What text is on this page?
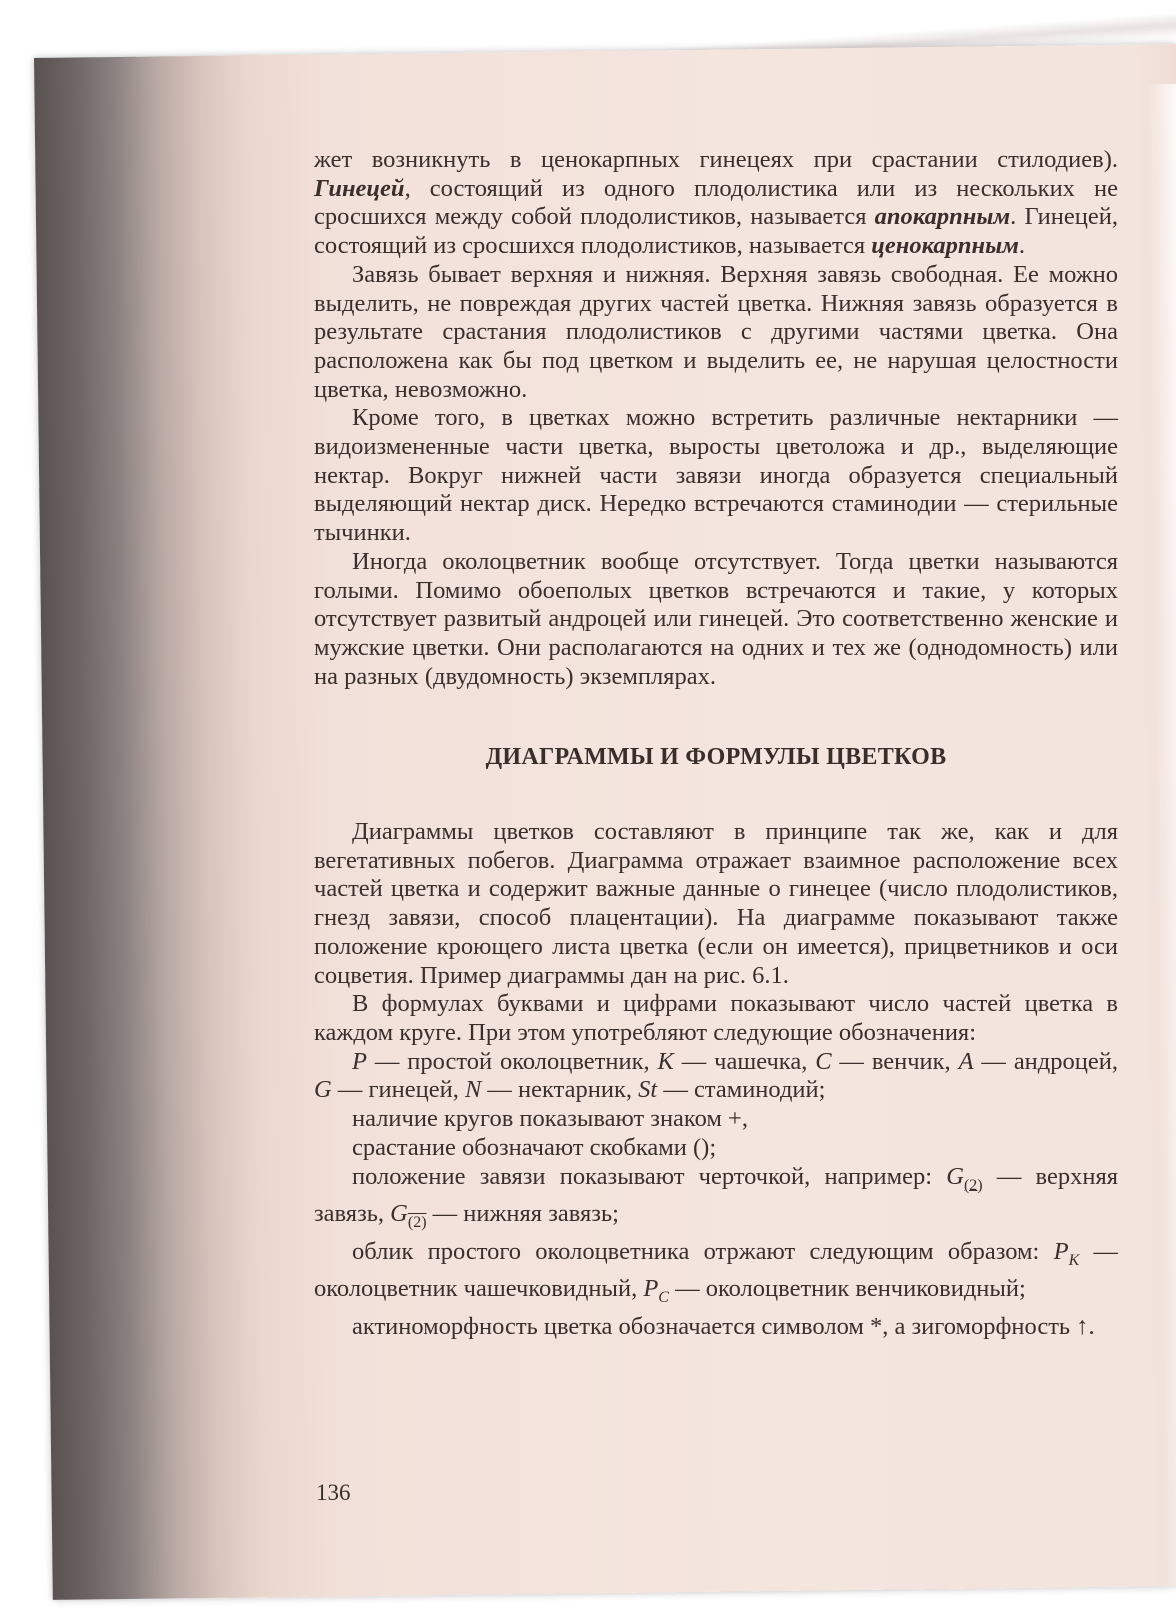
жет возникнуть в ценокарпных гинецеях при срастании стилодиев). Гинецей, состоящий из одного плодолистика или из нескольких не сросшихся между собой плодолистиков, называется апокарпным. Гинецей, состоящий из сросшихся плодолистиков, называется ценокарпным.

Завязь бывает верхняя и нижняя. Верхняя завязь свободная. Ее можно выделить, не повреждая других частей цветка. Нижняя завязь образуется в результате срастания плодолистиков с другими частями цветка. Она расположена как бы под цветком и выделить ее, не нарушая целостности цветка, невозможно.

Кроме того, в цветках можно встретить различные нектарники — видоизмененные части цветка, выросты цветоложа и др., выделяющие нектар. Вокруг нижней части завязи иногда образуется специальный выделяющий нектар диск. Нередко встречаются стаминодии — стерильные тычинки.

Иногда околоцветник вообще отсутствует. Тогда цветки называются голыми. Помимо обоеполых цветков встречаются и такие, у которых отсутствует развитый андроцей или гинецей. Это соответственно женские и мужские цветки. Они располагаются на одних и тех же (однодомность) или на разных (двудомность) экземплярах.

ДИАГРАММЫ И ФОРМУЛЫ ЦВЕТКОВ

Диаграммы цветков составляют в принципе так же, как и для вегетативных побегов. Диаграмма отражает взаимное расположение всех частей цветка и содержит важные данные о гинецее (число плодолистиков, гнезд завязи, способ плацентации). На диаграмме показывают также положение кроющего листа цветка (если он имеется), прицветников и оси соцветия. Пример диаграммы дан на рис. 6.1.

В формулах буквами и цифрами показывают число частей цветка в каждом круге. При этом употребляют следующие обозначения:

P — простой околоцветник, K — чашечка, C — венчик, A — андроцей, G — гинецей, N — нектарник, St — стаминодий;

наличие кругов показывают знаком +,

срастание обозначают скобками ();

положение завязи показывают черточкой, например: $G_{(2)}$ — верхняя завязь, $G_{(2)}$ — нижняя завязь;

облик простого околоцветника отржают следующим образом: $P_K$ — околоцветник чашечковидный, $P_C$ — околоцветник венчиковидный;

актиноморфность цветка обозначается символом *, а зигоморфность ↑.

136
